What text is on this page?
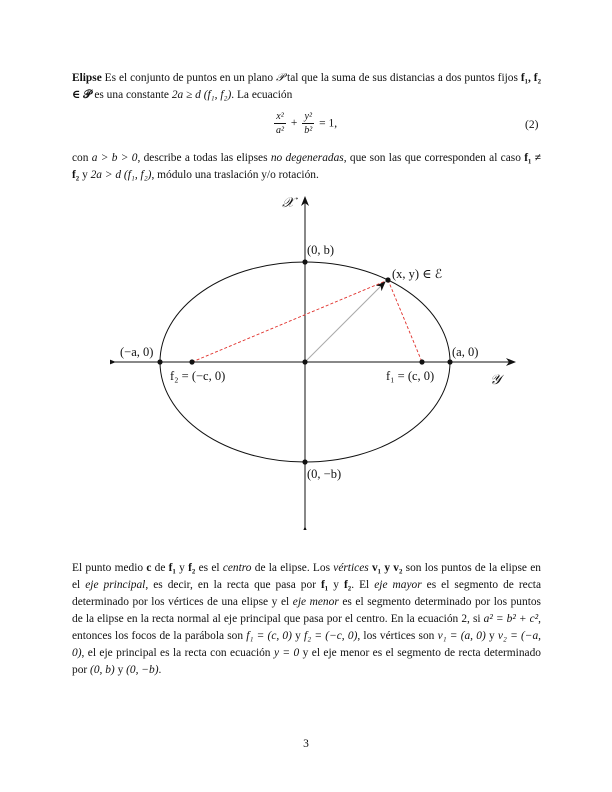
Elipse Es el conjunto de puntos en un plano 𝒫 tal que la suma de sus distancias a dos puntos fijos f₁, f₂ ∈ 𝒫 es una constante 2a ≥ d (f₁, f₂). La ecuación
$\frac{\text{x²}}{\text{a²}} + \frac{\text{y²}}{\text{b²}} = 1$,	(2)
con a > b > 0, describe a todas las elipses no degeneradas, que son las que corresponden al caso f₁ ≠ f₂ y 2a > d (f₁, f₂), módulo una traslación y/o rotación.
𝒳
𝒴
(0, b)
(0, −b)
(−a, 0)	(a, 0)
(x, y) ∈ ℰ
f₁ = (c, 0)
f₂ = (−c, 0)
El punto medio c de f₁ y f₂ es el centro de la elipse. Los vértices v₁ y v₂ son los puntos de la elipse en el eje principal, es decir, en la recta que pasa por f₁ y f₂. El eje mayor es el segmento de recta determinado por los vértices de una elipse y el eje menor es el segmento determinado por los puntos de la elipse en la recta normal al eje principal que pasa por el centro. En la ecuación 2, si a² = b² + c², entonces los focos de la parábola son f₁ = (c, 0) y f₂ = (−c, 0), los vértices son v₁ = (a, 0) y v₂ = (−a, 0), el eje principal es la recta con ecuación y = 0 y el eje menor es el segmento de recta determinado por (0, b) y (0, −b).
3
